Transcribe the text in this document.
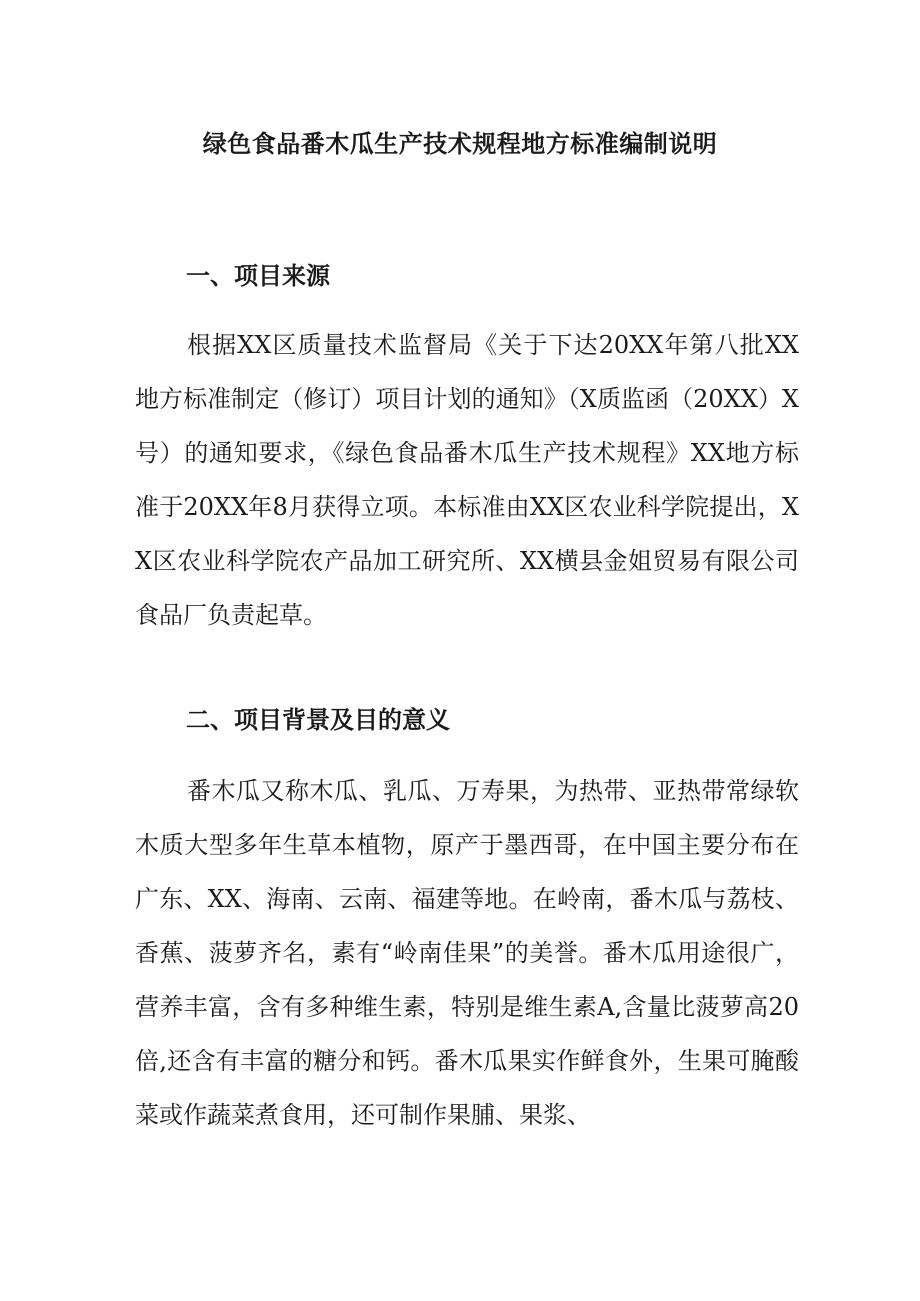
绿色食品番木瓜生产技术规程地方标准编制说明
一、项目来源
根据XX区质量技术监督局《关于下达20XX年第八批XX地方标准制定（修订）项目计划的通知》（X质监函（20XX）X号）的通知要求，《绿色食品番木瓜生产技术规程》XX地方标准于20XX年8月获得立项。本标准由XX区农业科学院提出，XX区农业科学院农产品加工研究所、XX横县金姐贸易有限公司食品厂负责起草。
二、项目背景及目的意义
番木瓜又称木瓜、乳瓜、万寿果，为热带、亚热带常绿软木质大型多年生草本植物，原产于墨西哥，在中国主要分布在广东、XX、海南、云南、福建等地。在岭南，番木瓜与荔枝、香蕉、菠萝齐名，素有“岭南佳果”的美誉。番木瓜用途很广，营养丰富，含有多种维生素，特别是维生素A,含量比菠萝高20倍,还含有丰富的糖分和钙。番木瓜果实作鲜食外，生果可腌酸菜或作蔬菜煮食用，还可制作果脯、果浆、
